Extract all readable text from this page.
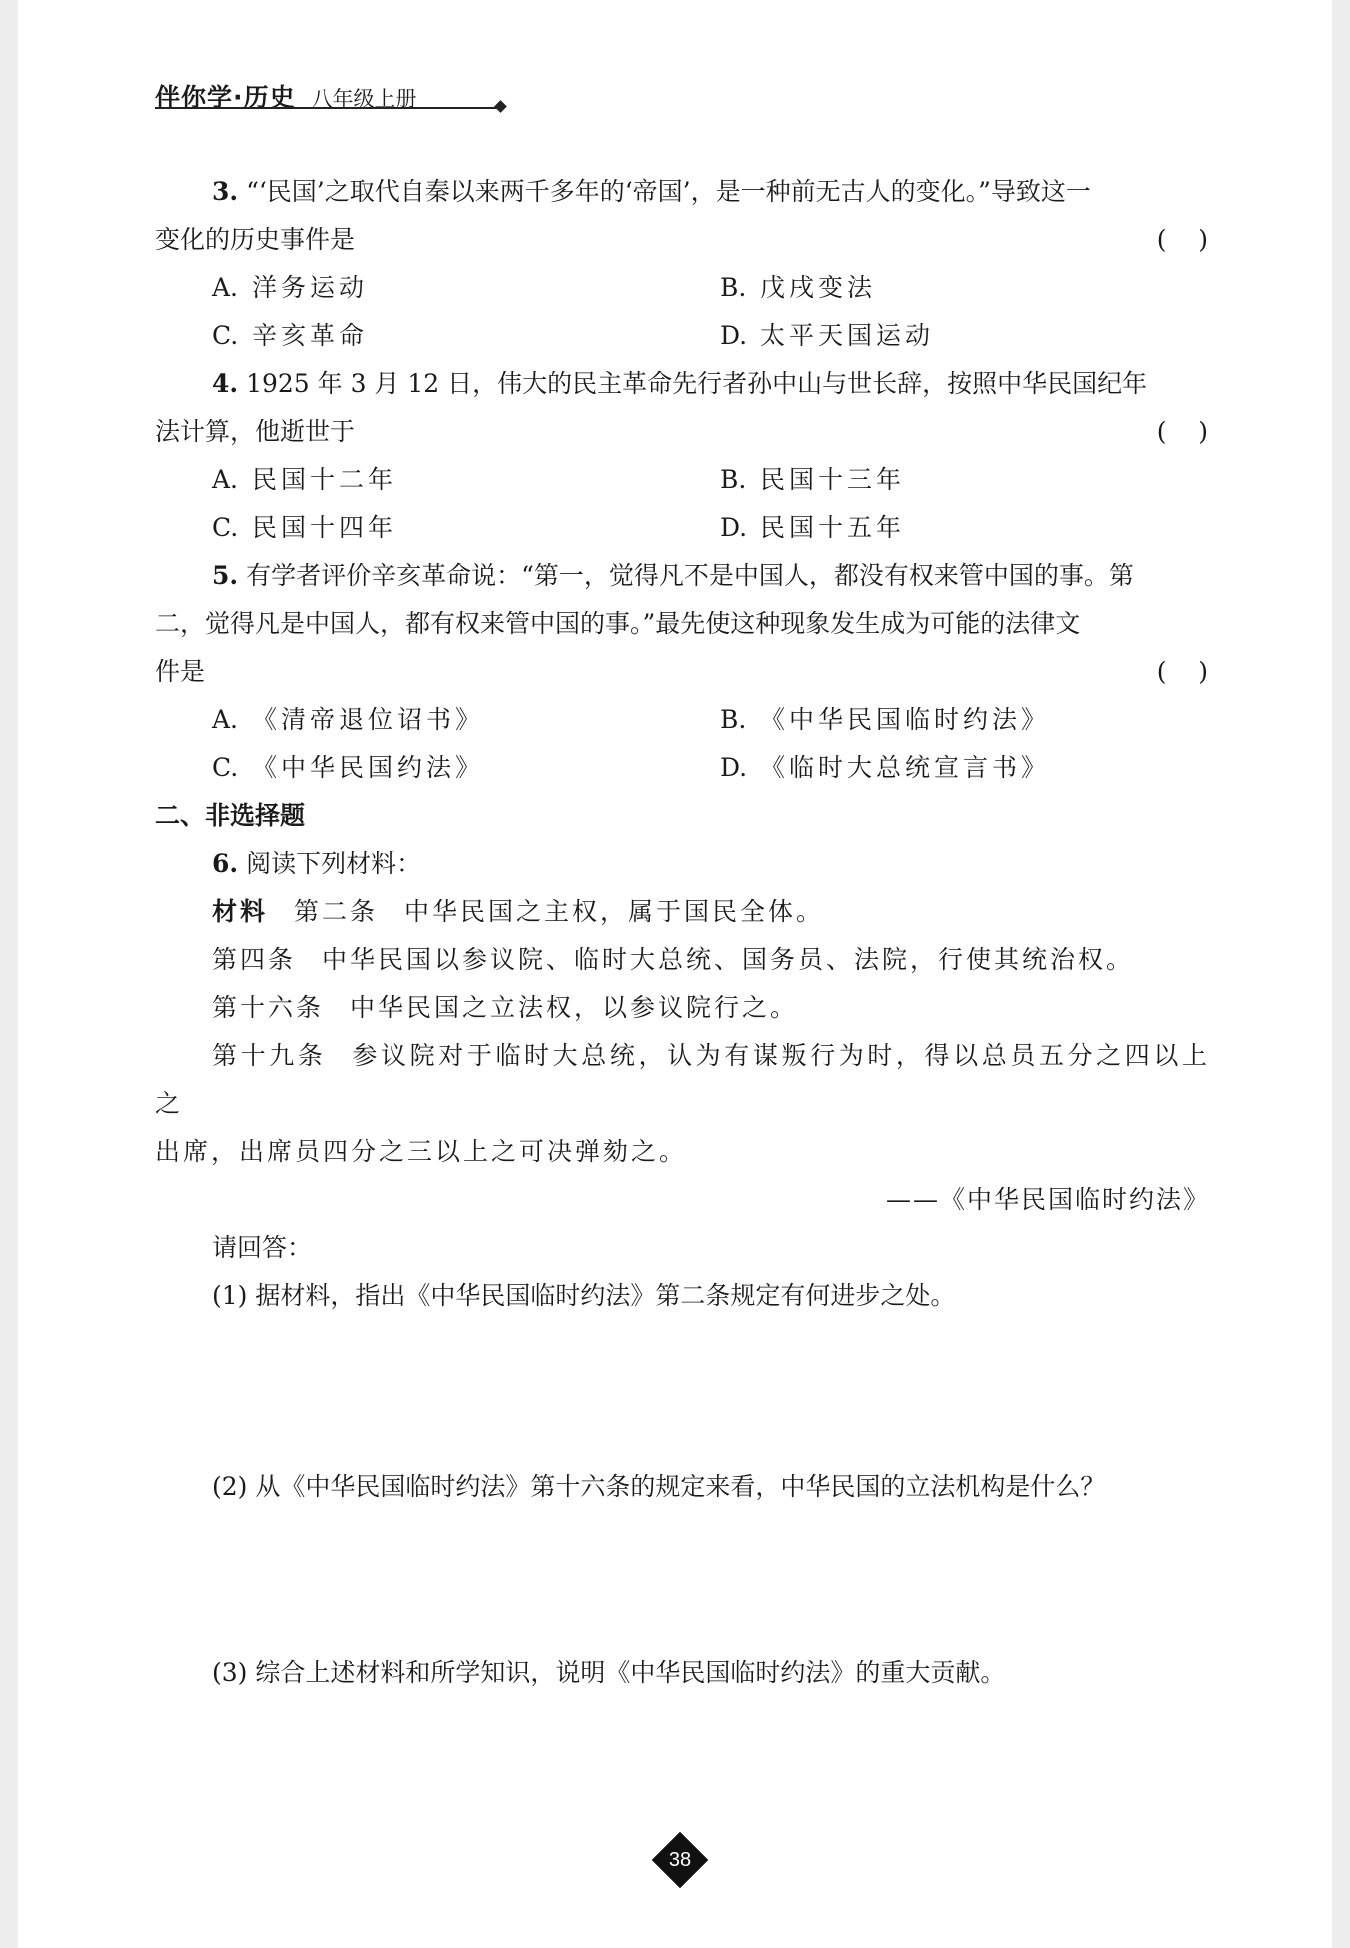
伴你学·历史 八年级上册

3. “‘民国’之取代自秦以来两千多年的‘帝国’，是一种前无古人的变化。”导致这一

变化的历史事件是	(    )
A. 洋务运动	B. 戊戌变法
C. 辛亥革命	D. 太平天国运动

4. 1925 年 3 月 12 日，伟大的民主革命先行者孙中山与世长辞，按照中华民国纪年

法计算，他逝世于	(    )
A. 民国十二年	B. 民国十三年
C. 民国十四年	D. 民国十五年

5. 有学者评价辛亥革命说：“第一，觉得凡不是中国人，都没有权来管中国的事。第

二，觉得凡是中国人，都有权来管中国的事。”最先使这种现象发生成为可能的法律文

件是	(    )
A. 《清帝退位诏书》	B. 《中华民国临时约法》
C. 《中华民国约法》	D. 《临时大总统宣言书》

二、非选择题

6. 阅读下列材料：

材料 第二条 中华民国之主权，属于国民全体。

第四条 中华民国以参议院、临时大总统、国务员、法院，行使其统治权。

第十六条 中华民国之立法权，以参议院行之。

第十九条 参议院对于临时大总统，认为有谋叛行为时，得以总员五分之四以上之

出席，出席员四分之三以上之可决弹劾之。

——《中华民国临时约法》

请回答：

(1) 据材料，指出《中华民国临时约法》第二条规定有何进步之处。

(2) 从《中华民国临时约法》第十六条的规定来看，中华民国的立法机构是什么？

(3) 综合上述材料和所学知识，说明《中华民国临时约法》的重大贡献。

38
